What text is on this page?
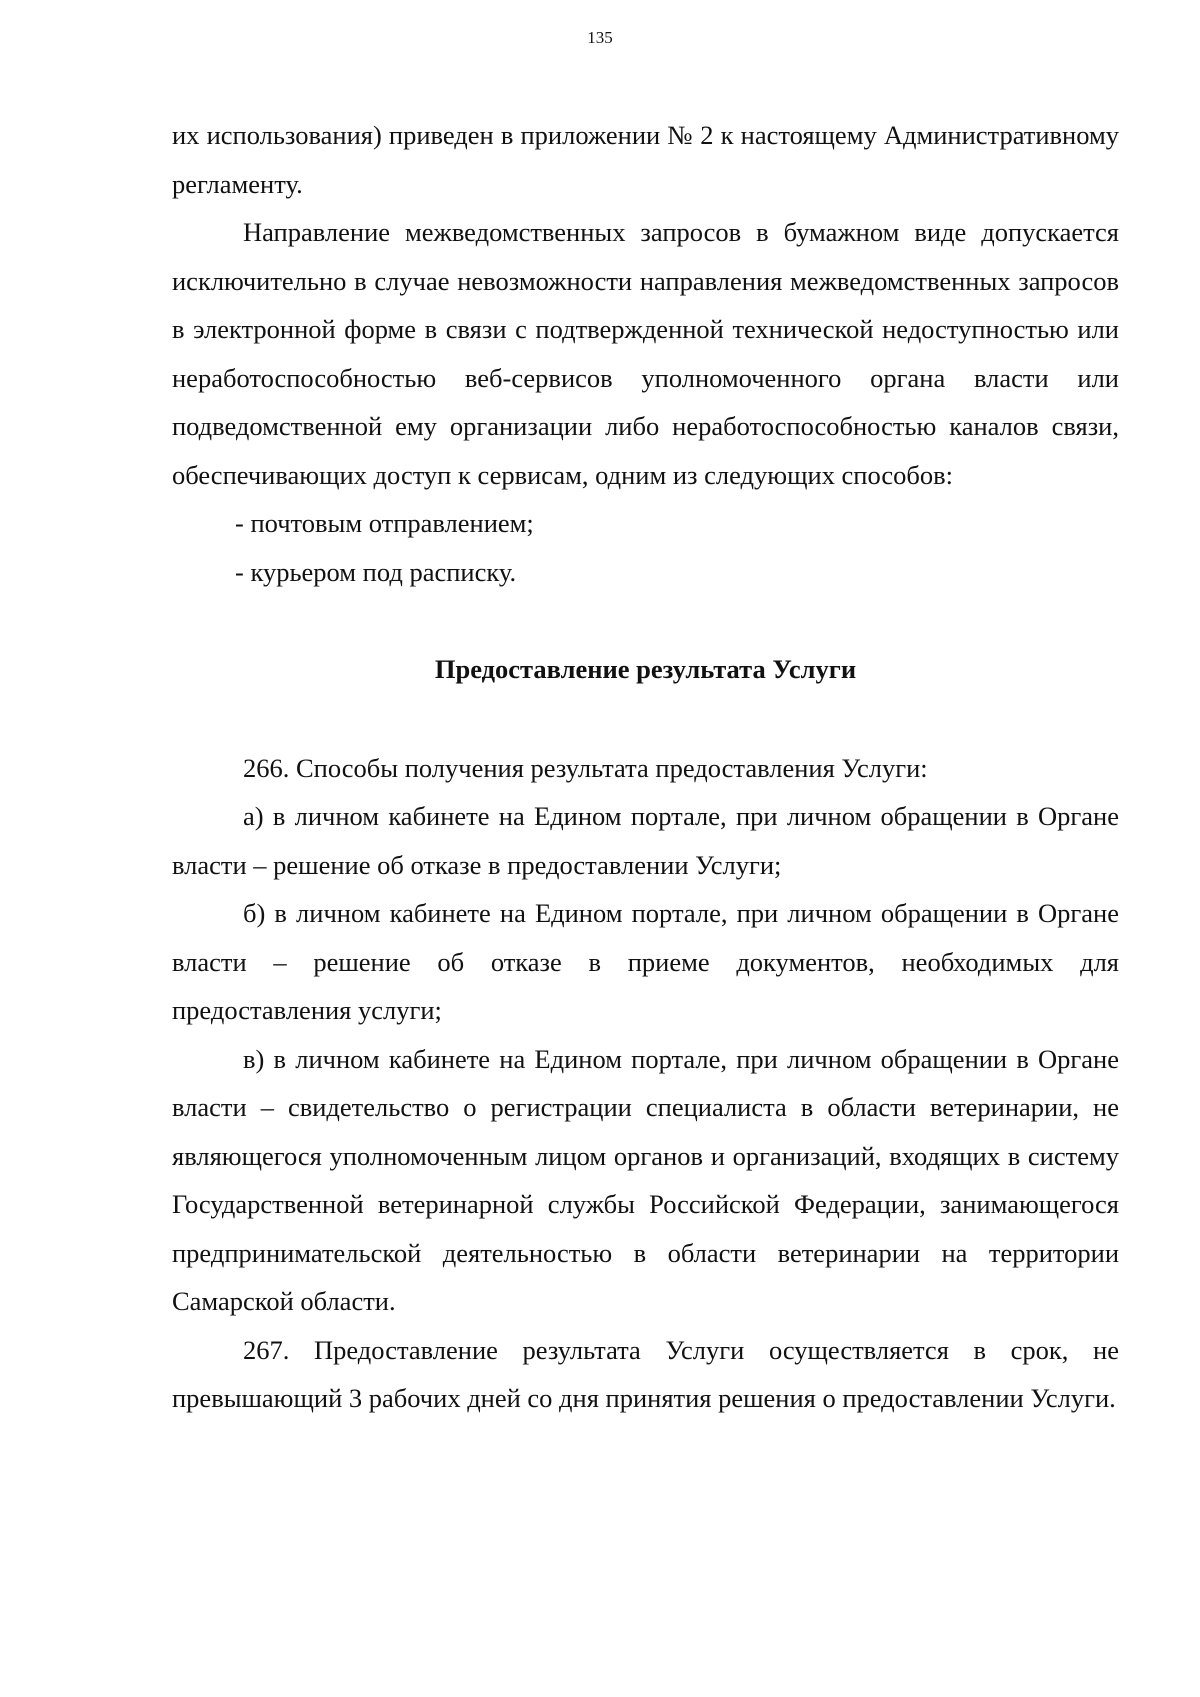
135

их использования) приведен в приложении № 2 к настоящему Административному регламенту.

Направление межведомственных запросов в бумажном виде допускается исключительно в случае невозможности направления межведомственных запросов в электронной форме в связи с подтвержденной технической недоступностью или неработоспособностью веб-сервисов уполномоченного органа власти или подведомственной ему организации либо неработоспособностью каналов связи, обеспечивающих доступ к сервисам, одним из следующих способов:

- почтовым отправлением;

- курьером под расписку.

Предоставление результата Услуги

266. Способы получения результата предоставления Услуги:

а) в личном кабинете на Едином портале, при личном обращении в Органе власти – решение об отказе в предоставлении Услуги;

б) в личном кабинете на Едином портале, при личном обращении в Органе власти – решение об отказе в приеме документов, необходимых для предоставления услуги;

в) в личном кабинете на Едином портале, при личном обращении в Органе власти – свидетельство о регистрации специалиста в области ветеринарии, не являющегося уполномоченным лицом органов и организаций, входящих в систему Государственной ветеринарной службы Российской Федерации, занимающегося предпринимательской деятельностью в области ветеринарии на территории Самарской области.

267. Предоставление результата Услуги осуществляется в срок, не превышающий 3 рабочих дней со дня принятия решения о предоставлении Услуги.
